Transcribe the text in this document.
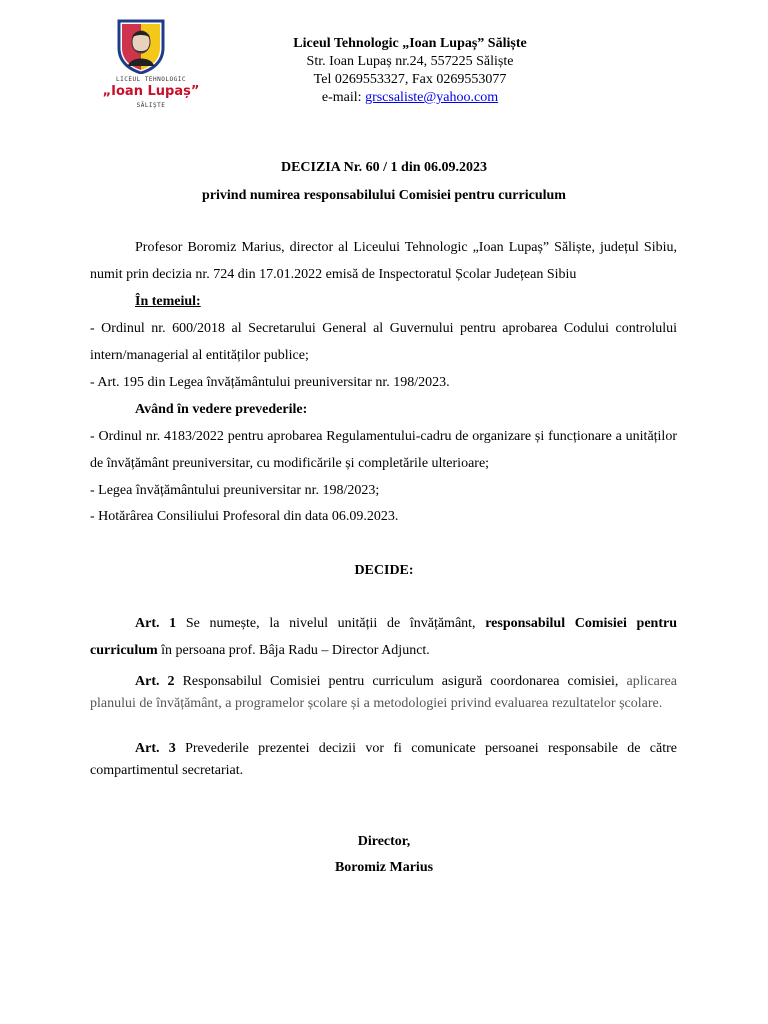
LICEUL TEHNOLOGIC
„Ioan Lupaș”
SĂLIȘTE
Liceul Tehnologic „Ioan Lupaș” Săliște
Str. Ioan Lupaș nr.24, 557225 Săliște
Tel 0269553327, Fax 0269553077
e-mail: grscsaliste@yahoo.com
DECIZIA Nr. 60 / 1 din 06.09.2023
privind numirea responsabilului Comisiei pentru curriculum
Profesor Boromiz Marius, director al Liceului Tehnologic „Ioan Lupaș” Săliște, județul Sibiu, numit prin decizia nr. 724 din 17.01.2022 emisă de Inspectoratul Școlar Județean Sibiu
În temeiul:
- Ordinul nr. 600/2018 al Secretarului General al Guvernului pentru aprobarea Codului controlului intern/managerial al entităților publice;
- Art. 195 din Legea învățământului preuniversitar nr. 198/2023.
Având în vedere prevederile:
- Ordinul nr. 4183/2022 pentru aprobarea Regulamentului-cadru de organizare și funcționare a unităților de învățământ preuniversitar, cu modificările și completările ulterioare;
- Legea învățământului preuniversitar nr. 198/2023;
- Hotărârea Consiliului Profesoral din data 06.09.2023.
DECIDE:
Art. 1 Se numește, la nivelul unității de învățământ, responsabilul Comisiei pentru curriculum în persoana prof. Bâja Radu – Director Adjunct.
Art. 2 Responsabilul Comisiei pentru curriculum asigură coordonarea comisiei, aplicarea planului de învățământ, a programelor școlare și a metodologiei privind evaluarea rezultatelor școlare.
Art. 3 Prevederile prezentei decizii vor fi comunicate persoanei responsabile de către compartimentul secretariat.
Director,
Boromiz Marius
